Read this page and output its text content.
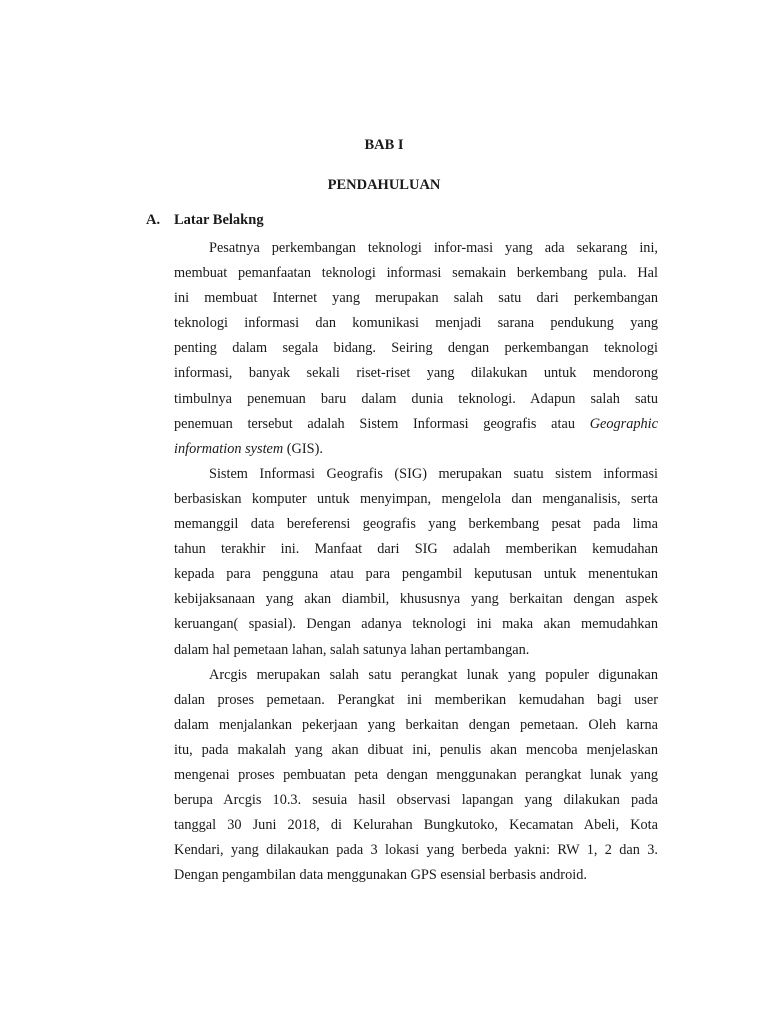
BAB I
PENDAHULUAN
A. Latar Belakng
Pesatnya perkembangan teknologi infor-masi yang ada sekarang ini,
membuat pemanfaatan teknologi informasi semakain berkembang pula. Hal
ini membuat Internet yang merupakan salah satu dari perkembangan
teknologi informasi dan komunikasi menjadi sarana pendukung yang
penting dalam segala bidang. Seiring dengan perkembangan teknologi
informasi, banyak sekali riset-riset yang dilakukan untuk mendorong
timbulnya penemuan baru dalam dunia teknologi. Adapun salah satu
penemuan tersebut adalah Sistem Informasi geografis atau Geographic
information system (GIS).
Sistem Informasi Geografis (SIG) merupakan suatu sistem informasi
berbasiskan komputer untuk menyimpan, mengelola dan menganalisis, serta
memanggil data bereferensi geografis yang berkembang pesat pada lima
tahun terakhir ini. Manfaat dari SIG adalah memberikan kemudahan
kepada para pengguna atau para pengambil keputusan untuk menentukan
kebijaksanaan yang akan diambil, khususnya yang berkaitan dengan aspek
keruangan( spasial). Dengan adanya teknologi ini maka akan memudahkan
dalam hal pemetaan lahan, salah satunya lahan pertambangan.
Arcgis merupakan salah satu perangkat lunak yang populer digunakan
dalan proses pemetaan. Perangkat ini memberikan kemudahan bagi user
dalam menjalankan pekerjaan yang berkaitan dengan pemetaan. Oleh karna
itu, pada makalah yang akan dibuat ini, penulis akan mencoba menjelaskan
mengenai proses pembuatan peta dengan menggunakan perangkat lunak yang
berupa Arcgis 10.3. sesuia hasil observasi lapangan yang dilakukan pada
tanggal 30 Juni 2018, di Kelurahan Bungkutoko, Kecamatan Abeli, Kota
Kendari, yang dilakaukan pada 3 lokasi yang berbeda yakni: RW 1, 2 dan 3.
Dengan pengambilan data menggunakan GPS esensial berbasis android.
